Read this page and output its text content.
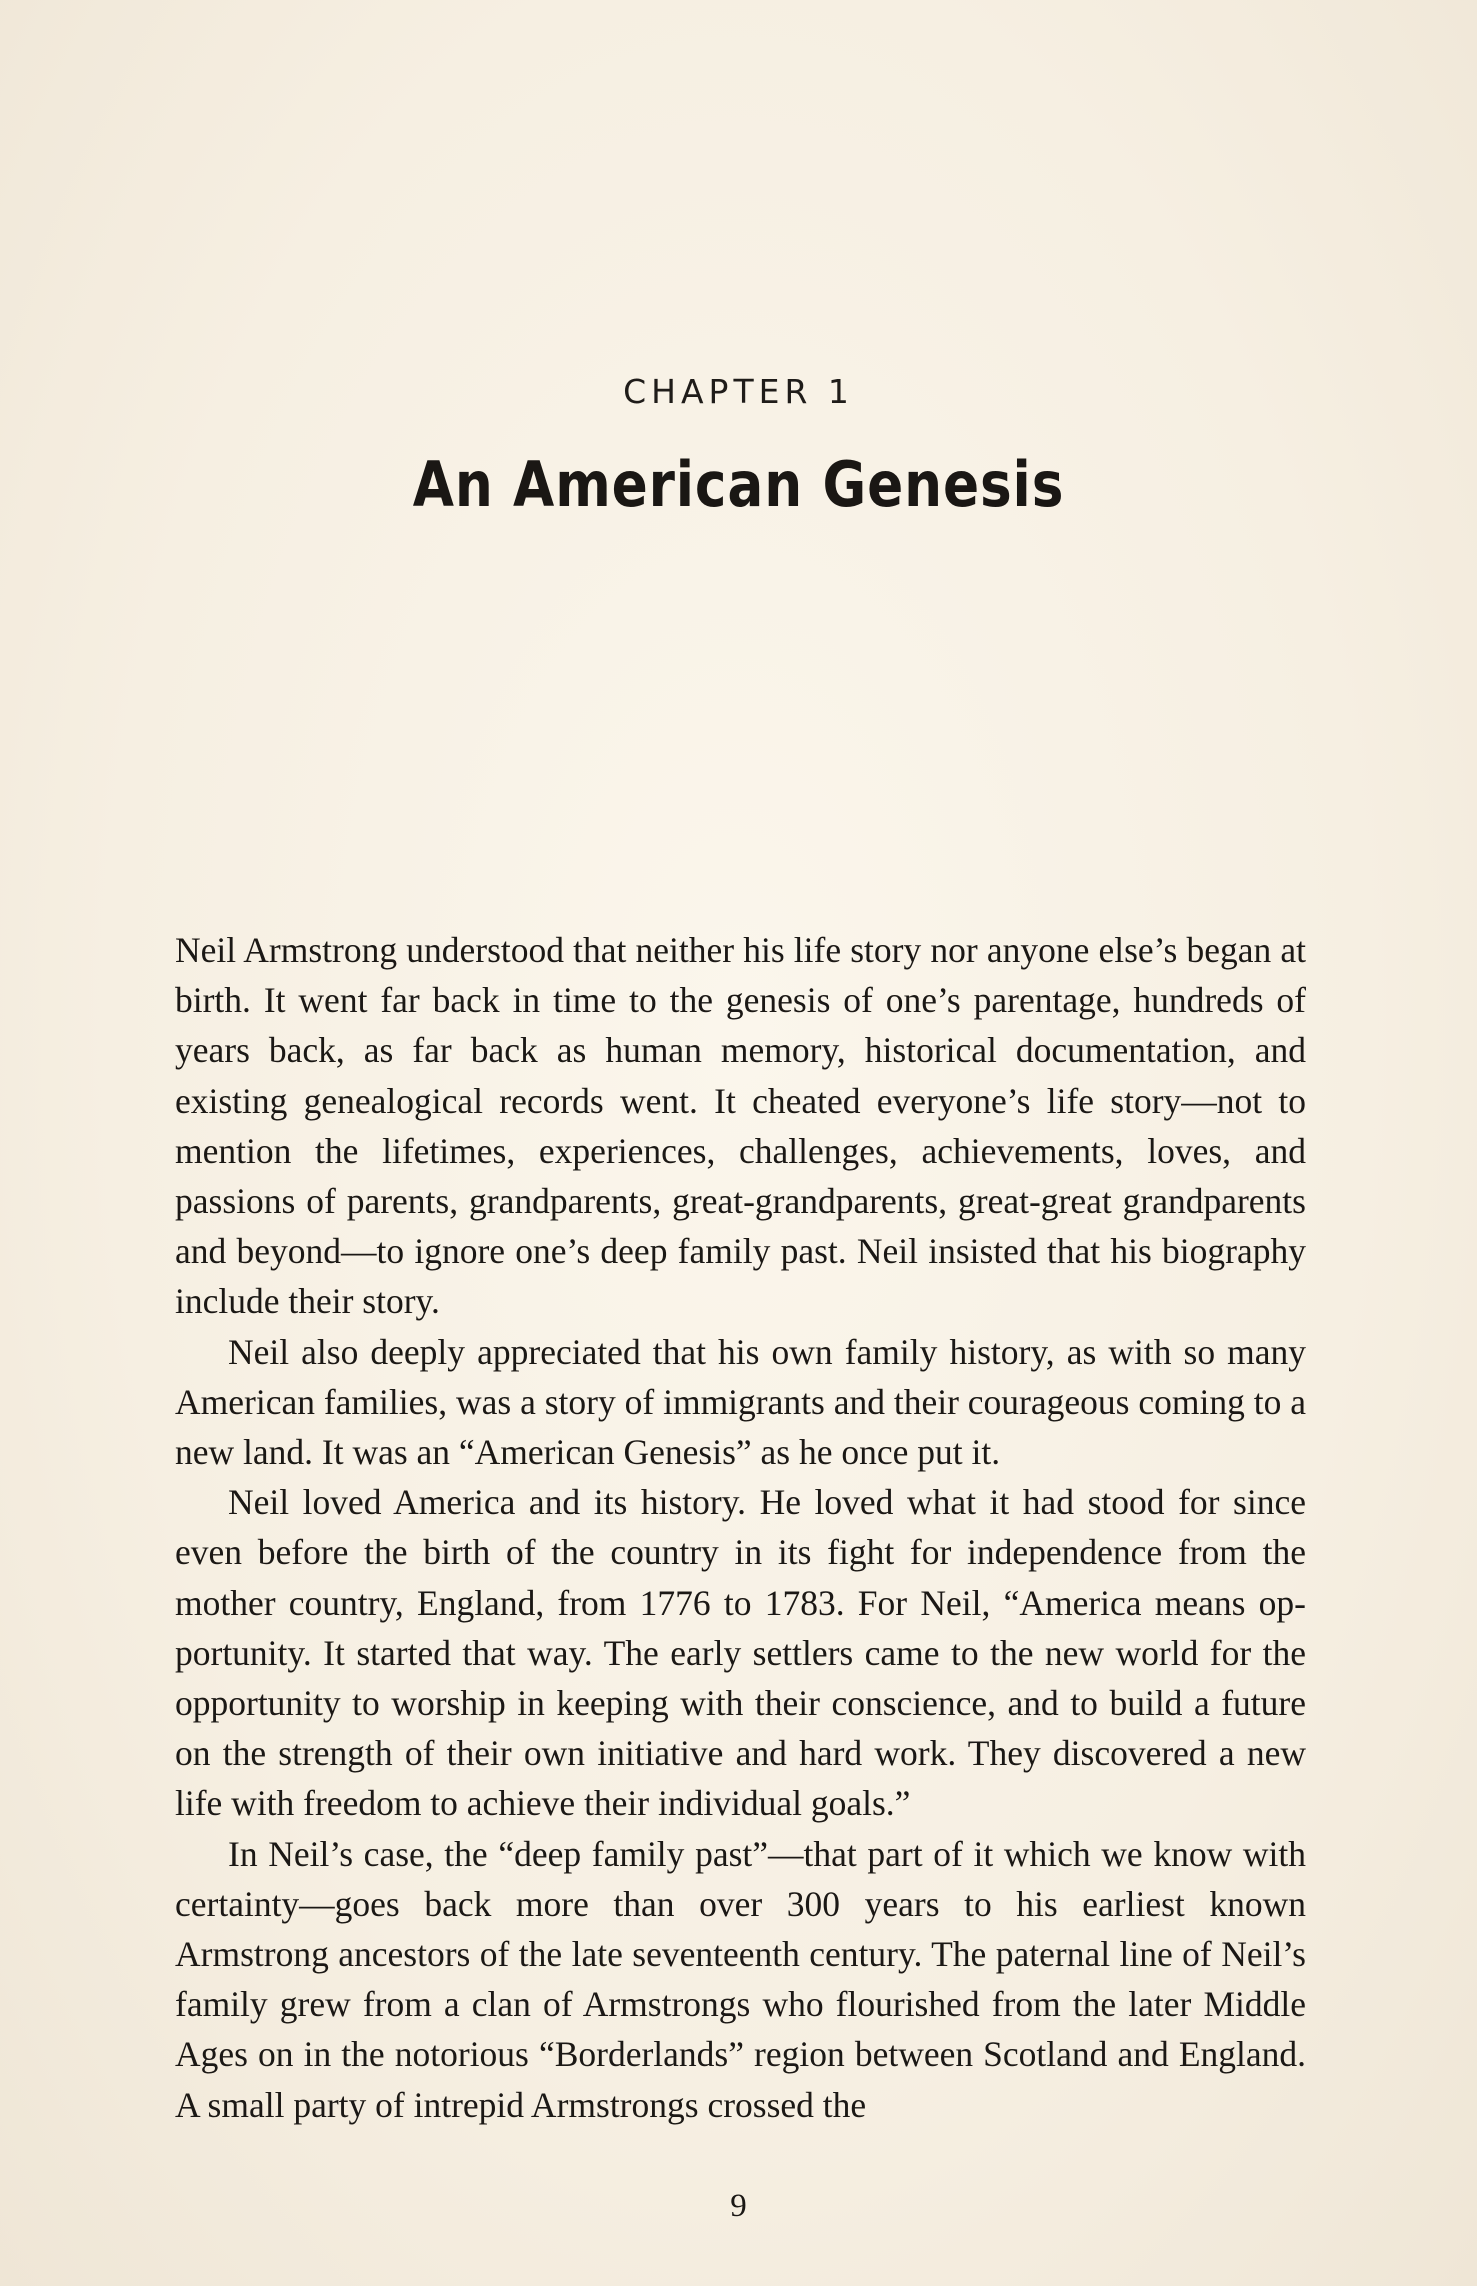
CHAPTER 1
An American Genesis

Neil Armstrong understood that neither his life story nor anyone else’s began at birth. It went far back in time to the genesis of one’s parentage, hundreds of years back, as far back as human memory, historical documentation, and existing genealogical records went. It cheated everyone’s life story—not to mention the lifetimes, experiences, challenges, achievements, loves, and passions of parents, grandparents, great-grandparents, great-great grandparents and beyond—to ignore one’s deep family past. Neil insisted that his biography include their story.

Neil also deeply appreciated that his own family history, as with so many American families, was a story of immigrants and their courageous coming to a new land. It was an “American Genesis” as he once put it.

Neil loved America and its history. He loved what it had stood for since even before the birth of the country in its fight for independence from the mother country, England, from 1776 to 1783. For Neil, “America means opportunity. It started that way. The early settlers came to the new world for the opportunity to worship in keeping with their conscience, and to build a future on the strength of their own initiative and hard work. They discovered a new life with freedom to achieve their individual goals.”

In Neil’s case, the “deep family past”—that part of it which we know with certainty—goes back more than over 300 years to his earliest known Armstrong ancestors of the late seventeenth century. The paternal line of Neil’s family grew from a clan of Armstrongs who flourished from the later Middle Ages on in the notorious “Borderlands” region between Scotland and England. A small party of intrepid Armstrongs crossed the

9
